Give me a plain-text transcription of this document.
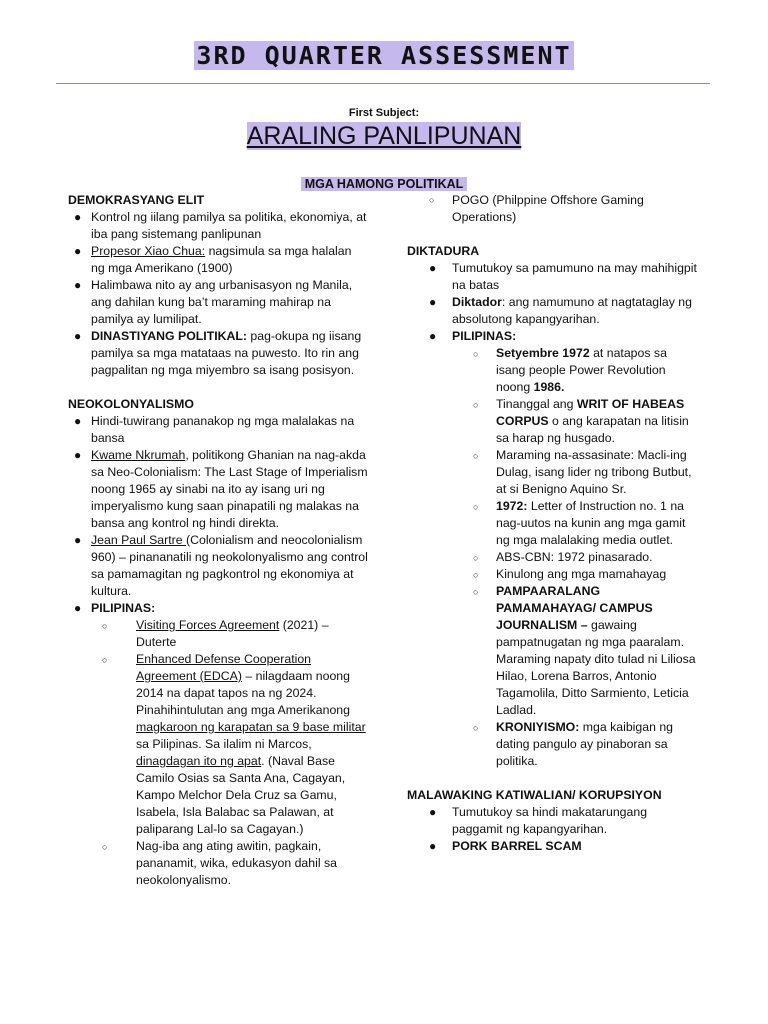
3RD QUARTER ASSESSMENT
First Subject:
ARALING PANLIPUNAN
MGA HAMONG POLITIKAL
DEMOKRASYANG ELIT
● Kontrol ng iilang pamilya sa politika, ekonomiya, at iba pang sistemang panlipunan
● Propesor Xiao Chua: nagsimula sa mga halalan ng mga Amerikano (1900)
● Halimbawa nito ay ang urbanisasyon ng Manila, ang dahilan kung ba’t maraming mahirap na pamilya ay lumilipat.
● DINASTIYANG POLITIKAL: pag-okupa ng iisang pamilya sa mga matataas na puwesto. Ito rin ang pagpalitan ng mga miyembro sa isang posisyon.
NEOKOLONYALISMO
● Hindi-tuwirang pananakop ng mga malalakas na bansa
● Kwame Nkrumah, politikong Ghanian na nag-akda sa Neo-Colonialism: The Last Stage of Imperialism noong 1965 ay sinabi na ito ay isang uri ng imperyalismo kung saan pinapatili ng malakas na bansa ang kontrol ng hindi direkta.
● Jean Paul Sartre (Colonialism and neocolonialism 960) – pinananatili ng neokolonyalismo ang control sa pamamagitan ng pagkontrol ng ekonomiya at kultura.
● PILIPINAS:
○ Visiting Forces Agreement (2021) – Duterte
○ Enhanced Defense Cooperation Agreement (EDCA) – nilagdaam noong 2014 na dapat tapos na ng 2024. Pinahihintulutan ang mga Amerikanong magkaroon ng karapatan sa 9 base militar sa Pilipinas. Sa ilalim ni Marcos, dinagdagan ito ng apat. (Naval Base Camilo Osias sa Santa Ana, Cagayan, Kampo Melchor Dela Cruz sa Gamu, Isabela, Isla Balabac sa Palawan, at paliparang Lal-lo sa Cagayan.)
○ Nag-iba ang ating awitin, pagkain, pananamit, wika, edukasyon dahil sa neokolonyalismo.
○ POGO (Philppine Offshore Gaming Operations)
DIKTADURA
● Tumutukoy sa pamumuno na may mahihigpit na batas
● Diktador: ang namumuno at nagtataglay ng absolutong kapangyarihan.
● PILIPINAS:
○ Setyembre 1972 at natapos sa isang people Power Revolution noong 1986.
○ Tinanggal ang WRIT OF HABEAS CORPUS o ang karapatan na litisin sa harap ng husgado.
○ Maraming na-assasinate: Macli-ing Dulag, isang lider ng tribong Butbut, at si Benigno Aquino Sr.
○ 1972: Letter of Instruction no. 1 na nag-uutos na kunin ang mga gamit ng mga malalaking media outlet.
○ ABS-CBN: 1972 pinasarado.
○ Kinulong ang mga mamahayag
○ PAMPAARALANG PAMAMAHAYAG/ CAMPUS JOURNALISM – gawaing pampatnugatan ng mga paaralam. Maraming napaty dito tulad ni Liliosa Hilao, Lorena Barros, Antonio Tagamolila, Ditto Sarmiento, Leticia Ladlad.
○ KRONIYISMO: mga kaibigan ng dating pangulo ay pinaboran sa politika.
MALAWAKING KATIWALIAN/ KORUPSIYON
● Tumutukoy sa hindi makatarungang paggamit ng kapangyarihan.
● PORK BARREL SCAM
